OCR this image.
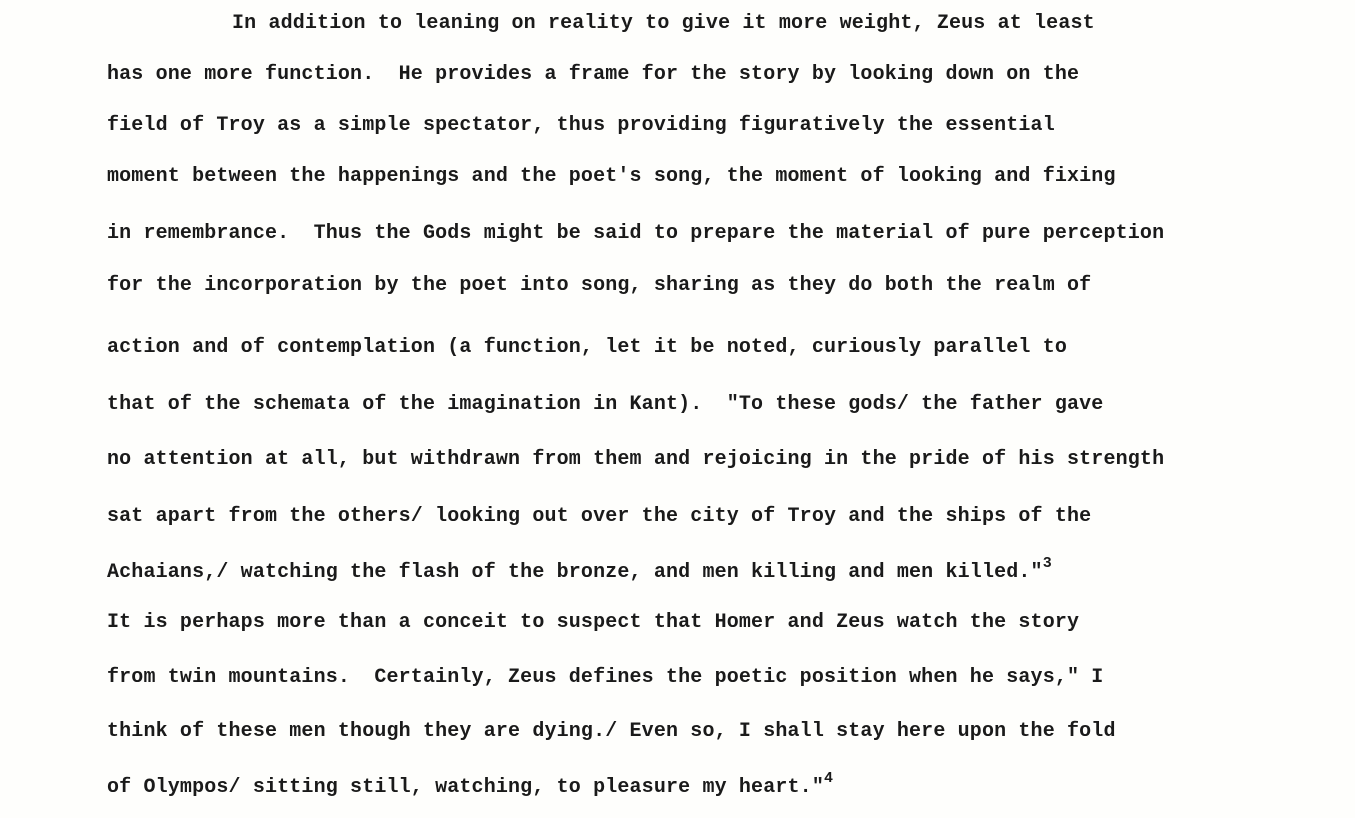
In addition to leaning on reality to give it more weight, Zeus at least
has one more function.  He provides a frame for the story by looking down on the
field of Troy as a simple spectator, thus providing figuratively the essential
moment between the happenings and the poet's song, the moment of looking and fixing
in remembrance.  Thus the Gods might be said to prepare the material of pure perception
for the incorporation by the poet into song, sharing as they do both the realm of
action and of contemplation (a function, let it be noted, curiously parallel to
that of the schemata of the imagination in Kant).  "To these gods/ the father gave
no attention at all, but withdrawn from them and rejoicing in the pride of his strength
sat apart from the others/ looking out over the city of Troy and the ships of the
Achaians,/ watching the flash of the bronze, and men killing and men killed."$^3$
It is perhaps more than a conceit to suspect that Homer and Zeus watch the story
from twin mountains.  Certainly, Zeus defines the poetic position when he says," I
think of these men though they are dying./ Even so, I shall stay here upon the fold
of Olympos/ sitting still, watching, to pleasure my heart."$^4$
